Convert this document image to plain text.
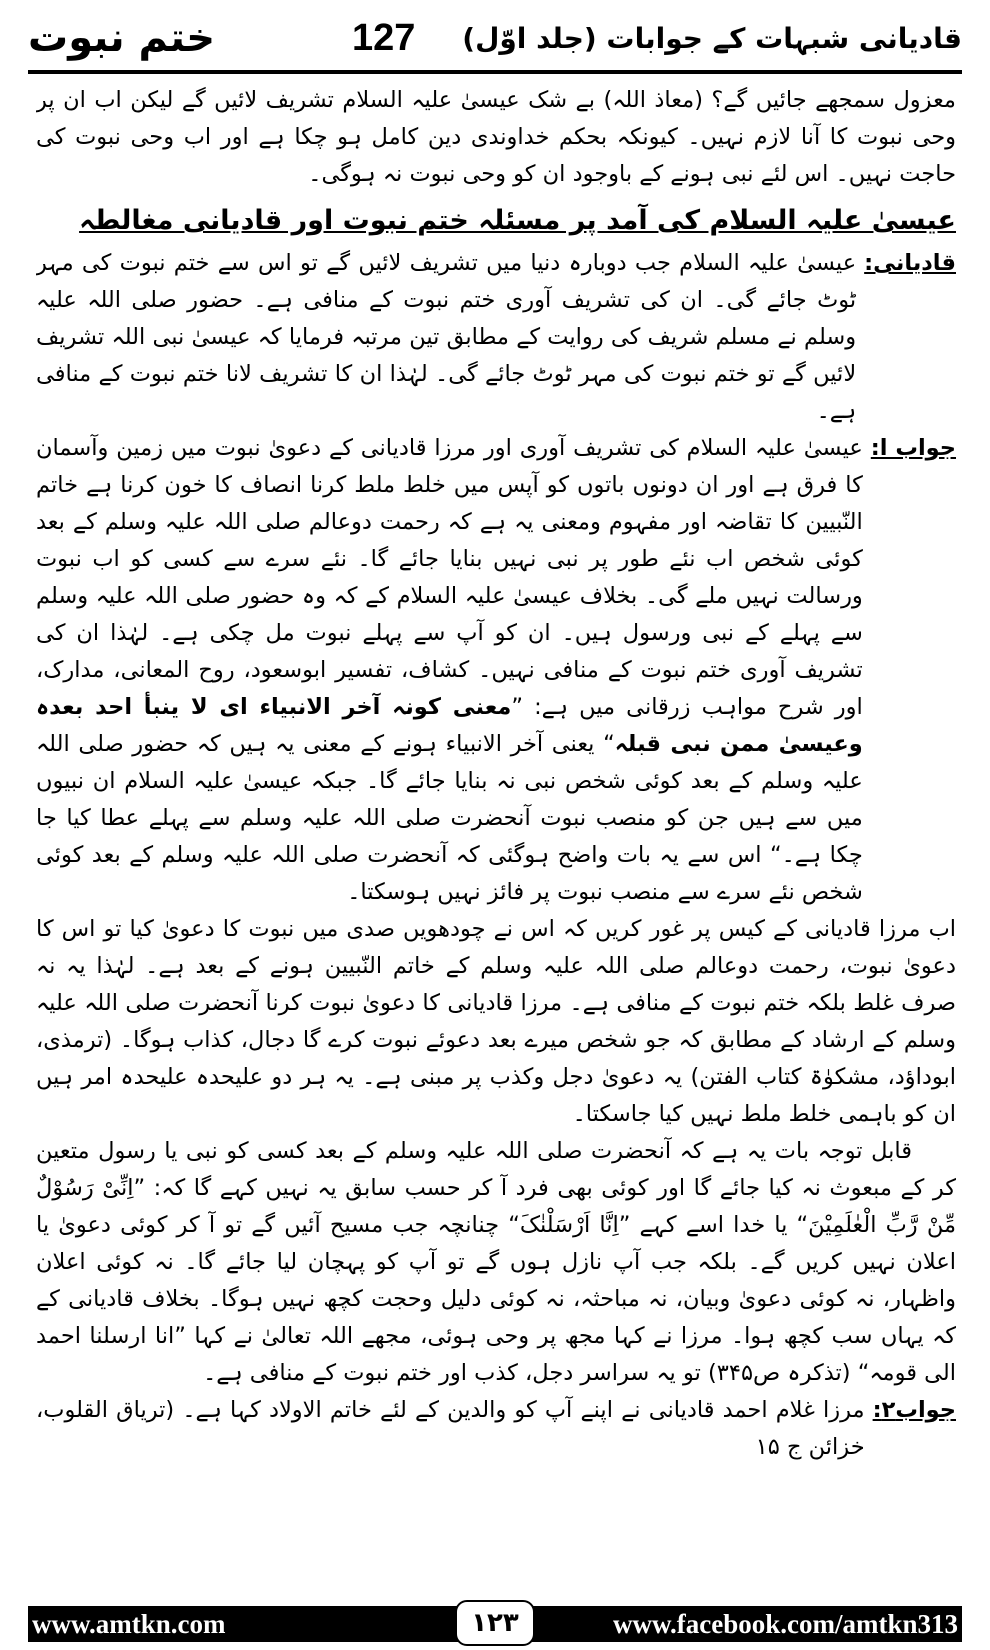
ختم نبوت	127 قادیانی شبہات کے جوابات (جلد اوّل)

معزول سمجھے جائیں گے؟ (معاذ اللہ) بے شک عیسیٰ علیہ السلام تشریف لائیں گے لیکن اب ان پر وحی نبوت کا آنا لازم نہیں۔ کیونکہ بحکم خداوندی دین کامل ہو چکا ہے اور اب وحی نبوت کی حاجت نہیں۔ اس لئے نبی ہونے کے باوجود ان کو وحی نبوت نہ ہوگی۔

عیسیٰ علیہ السلام کی آمد پر مسئلہ ختم نبوت اور قادیانی مغالطہ

قادیانی:
عیسیٰ علیہ السلام جب دوبارہ دنیا میں تشریف لائیں گے تو اس سے ختم نبوت کی مہر ٹوٹ جائے گی۔ ان کی تشریف آوری ختم نبوت کے منافی ہے۔ حضور صلی اللہ علیہ وسلم نے مسلم شریف کی روایت کے مطابق تین مرتبہ فرمایا کہ عیسیٰ نبی اللہ تشریف لائیں گے تو ختم نبوت کی مہر ٹوٹ جائے گی۔ لہٰذا ان کا تشریف لانا ختم نبوت کے منافی ہے۔
جواب ا:
عیسیٰ علیہ السلام کی تشریف آوری اور مرزا قادیانی کے دعویٰ نبوت میں زمین وآسمان کا فرق ہے اور ان دونوں باتوں کو آپس میں خلط ملط کرنا انصاف کا خون کرنا ہے خاتم النّبیین کا تقاضہ اور مفہوم ومعنی یہ ہے کہ رحمت دوعالم صلی اللہ علیہ وسلم کے بعد کوئی شخص اب نئے طور پر نبی نہیں بنایا جائے گا۔ نئے سرے سے کسی کو اب نبوت ورسالت نہیں ملے گی۔ بخلاف عیسیٰ علیہ السلام کے کہ وہ حضور صلی اللہ علیہ وسلم سے پہلے کے نبی ورسول ہیں۔ ان کو آپ سے پہلے نبوت مل چکی ہے۔ لہٰذا ان کی تشریف آوری ختم نبوت کے منافی نہیں۔ کشاف، تفسیر ابوسعود، روح المعانی، مدارک، اور شرح مواہب زرقانی میں ہے: ”معنی کونہ آخر الانبیاء ای لا ینبأ احد بعدہ وعیسیٰ ممن نبی قبلہ“ یعنی آخر الانبیاء ہونے کے معنی یہ ہیں کہ حضور صلی اللہ علیہ وسلم کے بعد کوئی شخص نبی نہ بنایا جائے گا۔ جبکہ عیسیٰ علیہ السلام ان نبیوں میں سے ہیں جن کو منصب نبوت آنحضرت صلی اللہ علیہ وسلم سے پہلے عطا کیا جا چکا ہے۔“ اس سے یہ بات واضح ہوگئی کہ آنحضرت صلی اللہ علیہ وسلم کے بعد کوئی شخص نئے سرے سے منصب نبوت پر فائز نہیں ہوسکتا۔

اب مرزا قادیانی کے کیس پر غور کریں کہ اس نے چودھویں صدی میں نبوت کا دعویٰ کیا تو اس کا دعویٰ نبوت، رحمت دوعالم صلی اللہ علیہ وسلم کے خاتم النّبیین ہونے کے بعد ہے۔ لہٰذا یہ نہ صرف غلط بلکہ ختم نبوت کے منافی ہے۔ مرزا قادیانی کا دعویٰ نبوت کرنا آنحضرت صلی اللہ علیہ وسلم کے ارشاد کے مطابق کہ جو شخص میرے بعد دعوئے نبوت کرے گا دجال، کذاب ہوگا۔ (ترمذی، ابوداؤد، مشکوٰۃ کتاب الفتن) یہ دعویٰ دجل وکذب پر مبنی ہے۔ یہ ہر دو علیحدہ علیحدہ امر ہیں ان کو باہمی خلط ملط نہیں کیا جاسکتا۔

قابل توجہ بات یہ ہے کہ آنحضرت صلی اللہ علیہ وسلم کے بعد کسی کو نبی یا رسول متعین کر کے مبعوث نہ کیا جائے گا اور کوئی بھی فرد آ کر حسب سابق یہ نہیں کہے گا کہ: ”اِنِّیْ رَسُوْلٌ مِّنْ رَّبِّ الْعٰلَمِیْنَ“ یا خدا اسے کہے ”اِنَّا اَرْسَلْنٰکَ“ چنانچہ جب مسیح آئیں گے تو آ کر کوئی دعویٰ یا اعلان نہیں کریں گے۔ بلکہ جب آپ نازل ہوں گے تو آپ کو پہچان لیا جائے گا۔ نہ کوئی اعلان واظہار، نہ کوئی دعویٰ وبیان، نہ مباحثہ، نہ کوئی دلیل وحجت کچھ نہیں ہوگا۔ بخلاف قادیانی کے کہ یہاں سب کچھ ہوا۔ مرزا نے کہا مجھ پر وحی ہوئی، مجھے اللہ تعالیٰ نے کہا ”انا ارسلنا احمد الی قومہ“ (تذکرہ ص۳۴۵) تو یہ سراسر دجل، کذب اور ختم نبوت کے منافی ہے۔

جواب۲:
مرزا غلام احمد قادیانی نے اپنے آپ کو والدین کے لئے خاتم الاولاد کہا ہے۔ (تریاق القلوب، خزائن ج ۱۵
www.amtkn.com	۱۲۳	www.facebook.com/amtkn313
